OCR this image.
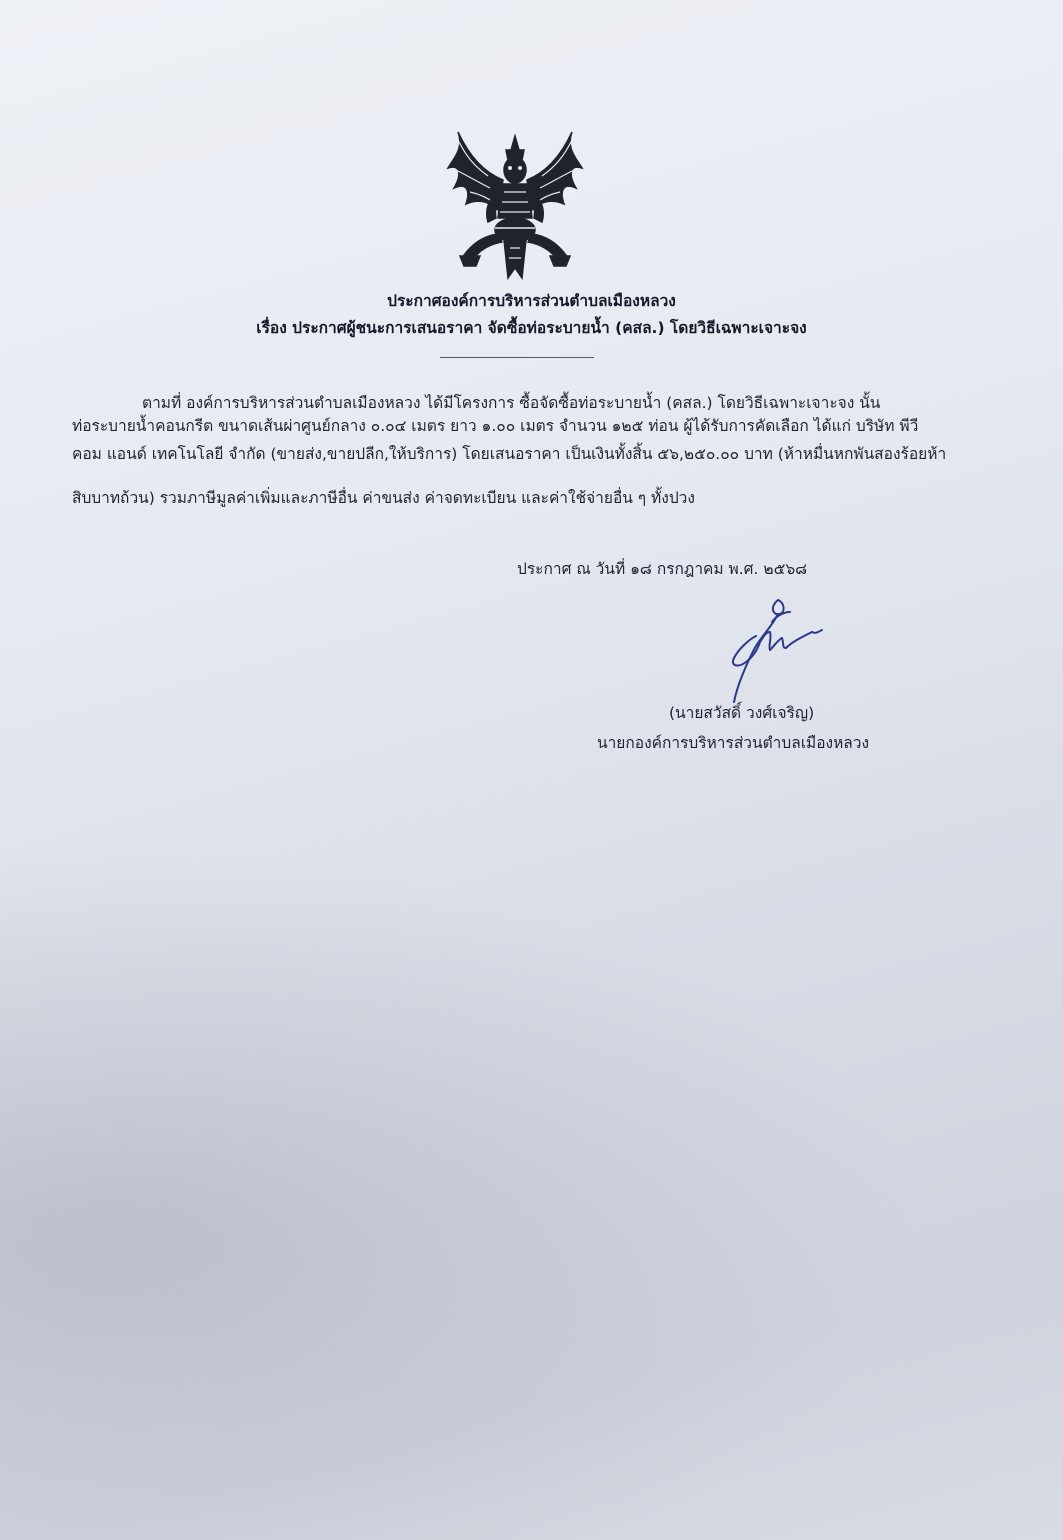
ประกาศองค์การบริหารส่วนตำบลเมืองหลวง
เรื่อง ประกาศผู้ชนะการเสนอราคา จัดซื้อท่อระบายน้ำ (คสล.) โดยวิธีเฉพาะเจาะจง
ตามที่ องค์การบริหารส่วนตำบลเมืองหลวง ได้มีโครงการ ซื้อจัดซื้อท่อระบายน้ำ (คสล.) โดยวิธีเฉพาะเจาะจง นั้น
ท่อระบายน้ำคอนกรีต ขนาดเส้นผ่าศูนย์กลาง ๐.๐๔ เมตร ยาว ๑.๐๐ เมตร จำนวน ๑๒๕ ท่อน ผู้ได้รับการคัดเลือก ได้แก่ บริษัท พีวี
คอม แอนด์ เทคโนโลยี จำกัด (ขายส่ง,ขายปลีก,ให้บริการ) โดยเสนอราคา เป็นเงินทั้งสิ้น ๕๖,๒๕๐.๐๐ บาท (ห้าหมื่นหกพันสองร้อยห้า
สิบบาทถ้วน) รวมภาษีมูลค่าเพิ่มและภาษีอื่น ค่าขนส่ง ค่าจดทะเบียน และค่าใช้จ่ายอื่น ๆ ทั้งปวง
ประกาศ ณ วันที่ ๑๘ กรกฎาคม พ.ศ. ๒๕๖๘
(นายสวัสดิ์ วงศ์เจริญ)
นายกองค์การบริหารส่วนตำบลเมืองหลวง
